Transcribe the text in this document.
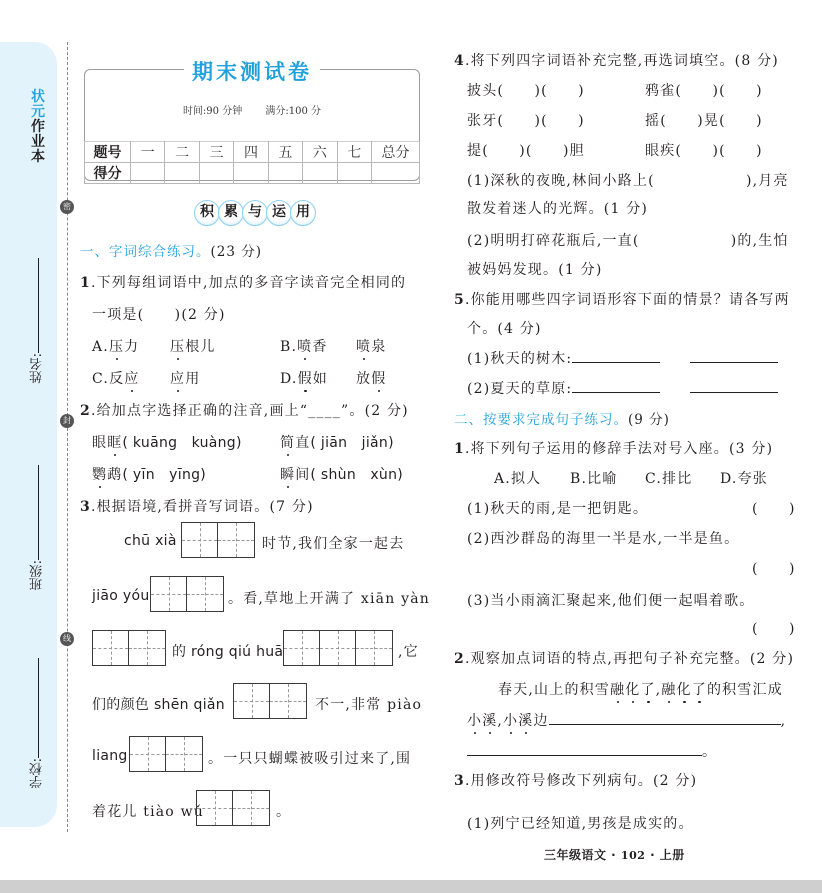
状元
作业本
姓名:
班级:
学校:
密
封
线
期末测试卷
时间:90 分钟 满分:100 分
题号	一	二	三	四	五	六	七	总分
得分								
积 累 与 运 用
一、字词综合练习。(23 分)
1.下列每组词语中,加点的多音字读音完全相同的
一项是(　　)(2 分)
A.压力 压根儿	B.喷香 喷泉
C.反应 应用	D.假如 放假
2.给加点字选择正确的注音,画上“____”。(2 分)
眼眶( kuāng　kuàng)	简直( jiān　jiǎn)
鹦鹉( yīn　yīng)	瞬间( shùn　xùn)
3.根据语境,看拼音写词语。(7 分)
chū xià	时节,我们全家一起去
jiāo yóu	。看,草地上开满了 xiān yàn
的 róng qiú huā	,它
们的颜色 shēn qiǎn	不一,非常 piào
liang	。一只只蝴蝶被吸引过来了,围
着花儿 tiào wǔ	。
4.将下列四字词语补充完整,再选词填空。(8 分)
披头(　　)(　　)	鸦雀(　　)(　　)
张牙(　　)(　　)	摇(　　)晃(　　)
提(　　)(　　)胆	眼疾(　　)(　　)
(1)深秋的夜晚,林间小路上(　　　　　　),月亮
散发着迷人的光辉。(1 分)
(2)明明打碎花瓶后,一直(　　　　　　)的,生怕
被妈妈发现。(1 分)
5.你能用哪些四字词语形容下面的情景？请各写两
个。(4 分)
(1)秋天的树木:
(2)夏天的草原:
二、按要求完成句子练习。(9 分)
1.将下列句子运用的修辞手法对号入座。(3 分)
A.拟人 B.比喻 C.排比 D.夸张
(1)秋天的雨,是一把钥匙。	(　　)
(2)西沙群岛的海里一半是水,一半是鱼。
(　　)
(3)当小雨滴汇聚起来,他们便一起唱着歌。
(　　)
2.观察加点词语的特点,再把句子补充完整。(2 分)
春天,山上的积雪融化了,融化了的积雪汇成
小溪,小溪边	,
。
3.用修改符号修改下列病句。(2 分)
(1)列宁已经知道,男孩是成实的。
三年级语文 · 102 · 上册
